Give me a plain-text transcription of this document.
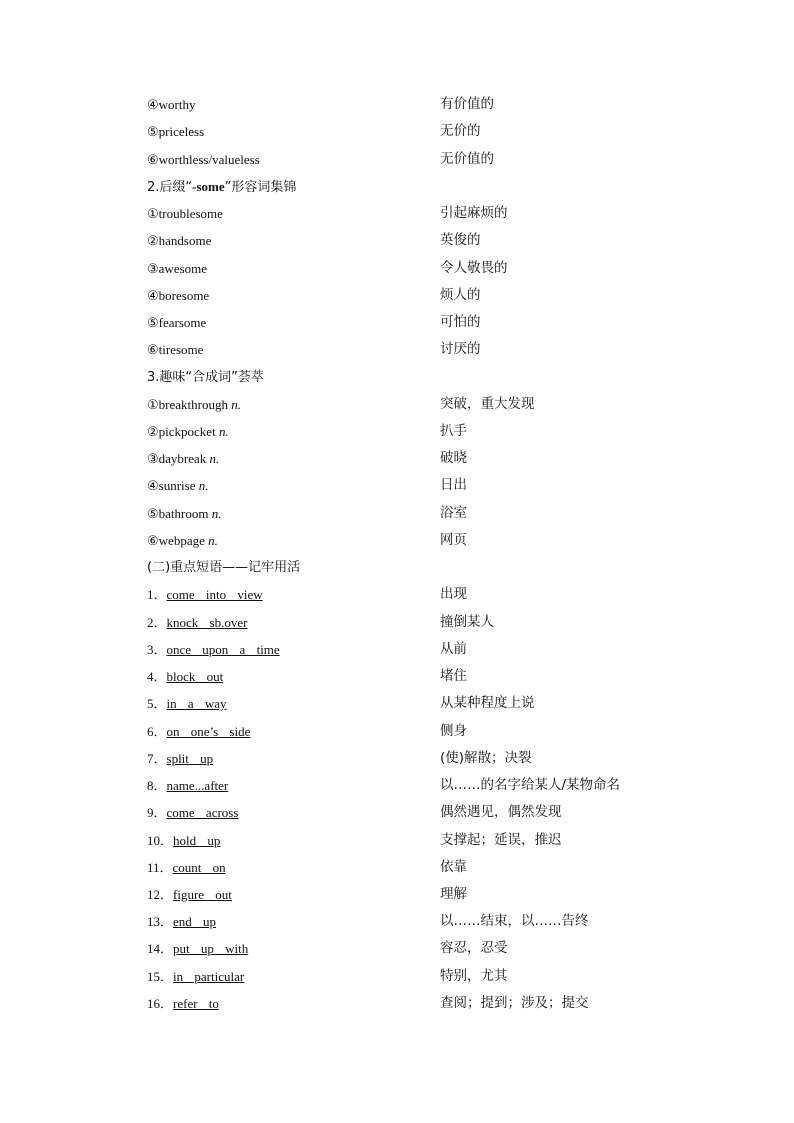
④worthy	有价值的
⑤priceless	无价的
⑥worthless/valueless	无价值的
2.后缀“-some”形容词集锦
①troublesome	引起麻烦的
②handsome	英俊的
③awesome	令人敬畏的
④boresome	烦人的
⑤fearsome	可怕的
⑥tiresome	讨厌的
3.趣味“合成词”荟萃
①breakthrough n.	突破，重大发现
②pickpocket n.	扒手
③daybreak n.	破晓
④sunrise n.	日出
⑤bathroom n.	浴室
⑥webpage n.	网页
(二)重点短语——记牢用活
1．come into view	出现
2．knock sb.over	撞倒某人
3．once upon a time	从前
4．block out	堵住
5．in a way	从某种程度上说
6．on one’s side	侧身
7．split up	(使)解散；决裂
8．name...after	以……的名字给某人/某物命名
9．come across	偶然遇见，偶然发现
10．hold up	支撑起；延误，推迟
11．count on	依靠
12．figure out	理解
13．end up	以……结束，以……告终
14．put up with	容忍，忍受
15．in particular	特别，尤其
16．refer to	查阅；提到；涉及；提交
